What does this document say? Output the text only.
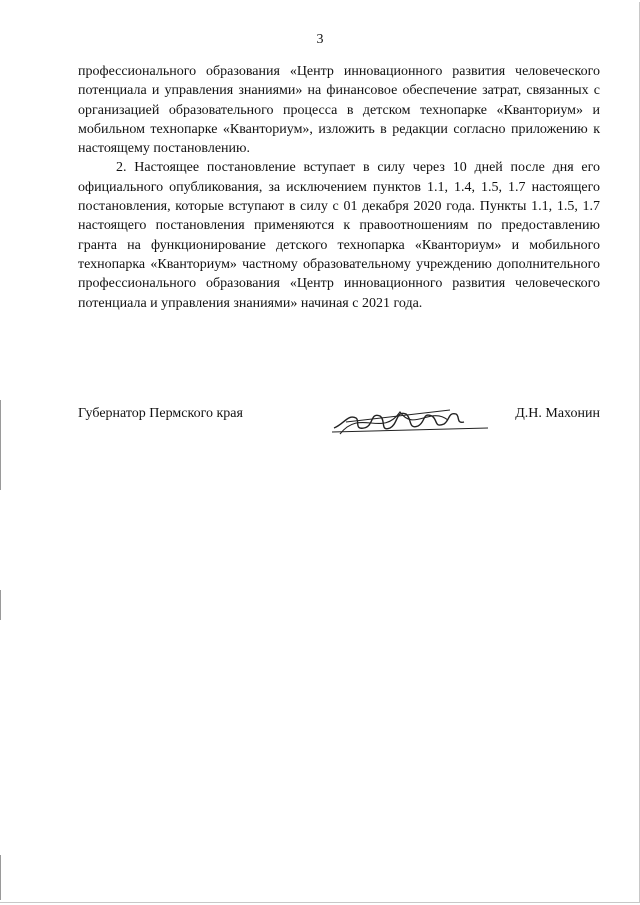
3

профессионального образования «Центр инновационного развития человеческого потенциала и управления знаниями» на финансовое обеспечение затрат, связанных с организацией образовательного процесса в детском технопарке «Кванториум» и мобильном технопарке «Кванториум», изложить в редакции согласно приложению к настоящему постановлению.

2. Настоящее постановление вступает в силу через 10 дней после дня его официального опубликования, за исключением пунктов 1.1, 1.4, 1.5, 1.7 настоящего постановления, которые вступают в силу с 01 декабря 2020 года. Пункты 1.1, 1.5, 1.7 настоящего постановления применяются к правоотношениям по предоставлению гранта на функционирование детского технопарка «Кванториум» и мобильного технопарка «Кванториум» частному образовательному учреждению дополнительного профессионального образования «Центр инновационного развития человеческого потенциала и управления знаниями» начиная с 2021 года.

Губернатор Пермского края	Д.Н. Махонин
